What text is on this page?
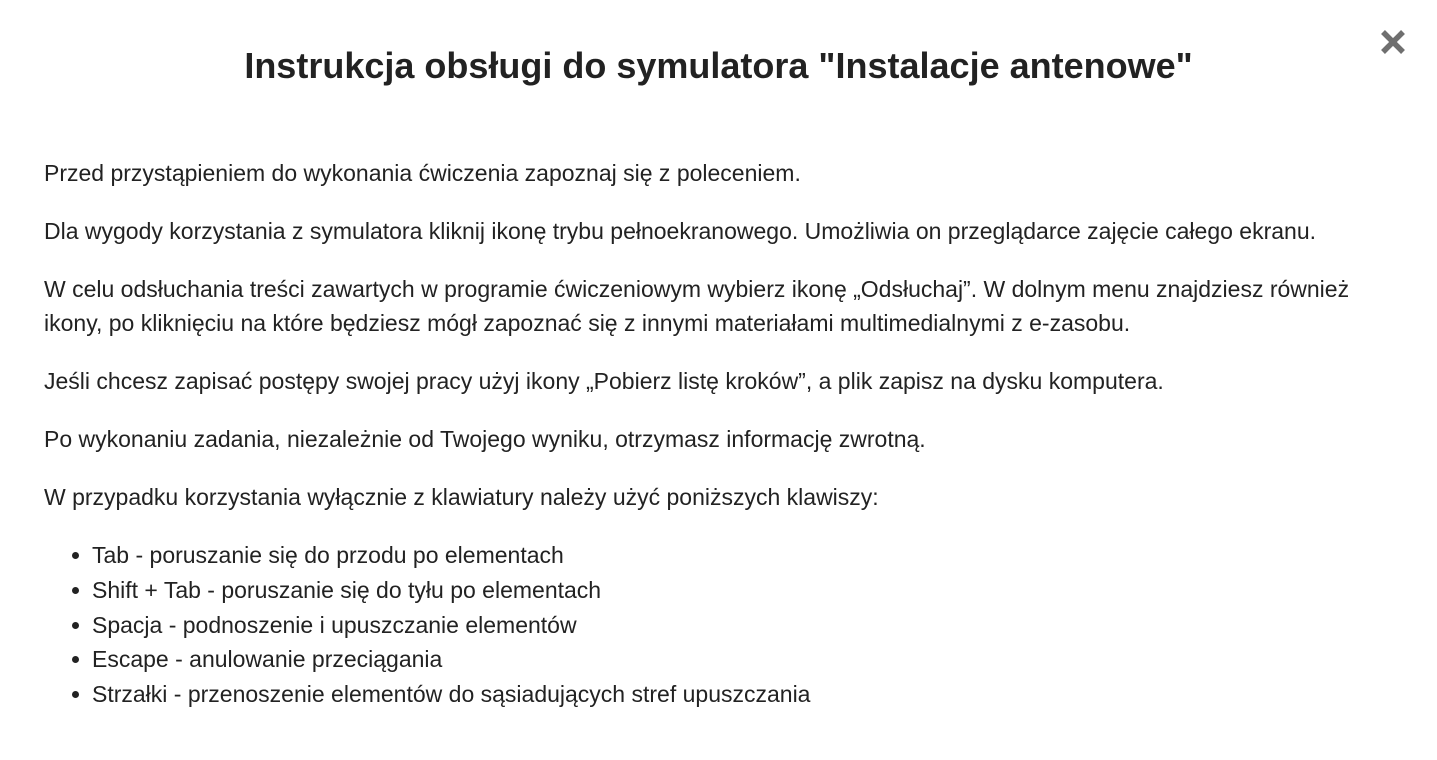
Instrukcja obsługi do symulatora "Instalacje antenowe"

Przed przystąpieniem do wykonania ćwiczenia zapoznaj się z poleceniem.

Dla wygody korzystania z symulatora kliknij ikonę trybu pełnoekranowego. Umożliwia on przeglądarce zajęcie całego ekranu.

W celu odsłuchania treści zawartych w programie ćwiczeniowym wybierz ikonę „Odsłuchaj”. W dolnym menu znajdziesz również ikony, po kliknięciu na które będziesz mógł zapoznać się z innymi materiałami multimedialnymi z e-zasobu.

Jeśli chcesz zapisać postępy swojej pracy użyj ikony „Pobierz listę kroków”, a plik zapisz na dysku komputera.

Po wykonaniu zadania, niezależnie od Twojego wyniku, otrzymasz informację zwrotną.

W przypadku korzystania wyłącznie z klawiatury należy użyć poniższych klawiszy:

Tab - poruszanie się do przodu po elementach
Shift + Tab - poruszanie się do tyłu po elementach
Spacja - podnoszenie i upuszczanie elementów
Escape - anulowanie przeciągania
Strzałki - przenoszenie elementów do sąsiadujących stref upuszczania
